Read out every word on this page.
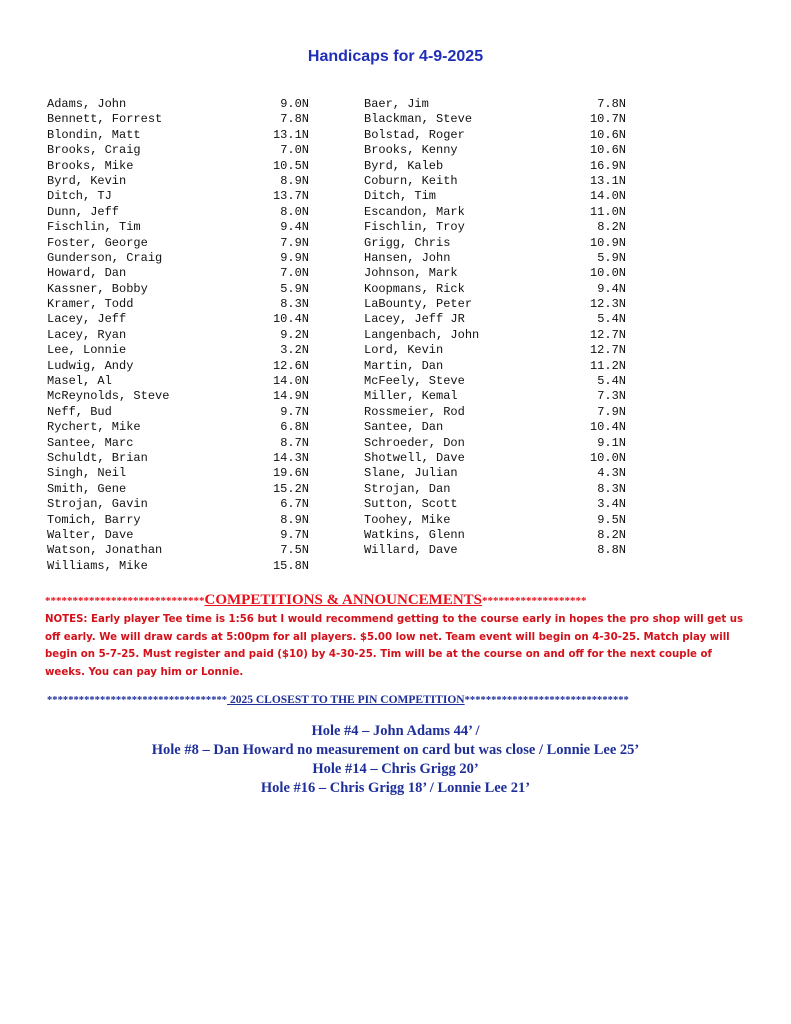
Handicaps for 4-9-2025
Adams, John	9.0N
Bennett, Forrest	7.8N
Blondin, Matt	13.1N
Brooks, Craig	7.0N
Brooks, Mike	10.5N
Byrd, Kevin	8.9N
Ditch, TJ	13.7N
Dunn, Jeff	8.0N
Fischlin, Tim	9.4N
Foster, George	7.9N
Gunderson, Craig	9.9N
Howard, Dan	7.0N
Kassner, Bobby	5.9N
Kramer, Todd	8.3N
Lacey, Jeff	10.4N
Lacey, Ryan	9.2N
Lee, Lonnie	3.2N
Ludwig, Andy	12.6N
Masel, Al	14.0N
McReynolds, Steve	14.9N
Neff, Bud	9.7N
Rychert, Mike	6.8N
Santee, Marc	8.7N
Schuldt, Brian	14.3N
Singh, Neil	19.6N
Smith, Gene	15.2N
Strojan, Gavin	6.7N
Tomich, Barry	8.9N
Walter, Dave	9.7N
Watson, Jonathan	7.5N
Williams, Mike	15.8N
Baer, Jim	7.8N
Blackman, Steve	10.7N
Bolstad, Roger	10.6N
Brooks, Kenny	10.6N
Byrd, Kaleb	16.9N
Coburn, Keith	13.1N
Ditch, Tim	14.0N
Escandon, Mark	11.0N
Fischlin, Troy	8.2N
Grigg, Chris	10.9N
Hansen, John	5.9N
Johnson, Mark	10.0N
Koopmans, Rick	9.4N
LaBounty, Peter	12.3N
Lacey, Jeff JR	5.4N
Langenbach, John	12.7N
Lord, Kevin	12.7N
Martin, Dan	11.2N
McFeely, Steve	5.4N
Miller, Kemal	7.3N
Rossmeier, Rod	7.9N
Santee, Dan	10.4N
Schroeder, Don	9.1N
Shotwell, Dave	10.0N
Slane, Julian	4.3N
Strojan, Dan	8.3N
Sutton, Scott	3.4N
Toohey, Mike	9.5N
Watkins, Glenn	8.2N
Willard, Dave	8.8N
*****************************COMPETITIONS & ANNOUNCEMENTS*******************
NOTES: Early player Tee time is 1:56 but I would recommend getting to the course early in hopes the pro shop will get us off early. We will draw cards at 5:00pm for all players. $5.00 low net. Team event will begin on 4-30-25. Match play will begin on 5-7-25. Must register and paid ($10) by 4-30-25. Tim will be at the course on and off for the next couple of weeks. You can pay him or Lonnie.
********************************** 2025 CLOSEST TO THE PIN COMPETITION*******************************
Hole #4 – John Adams 44’ /
Hole #8 – Dan Howard no measurement on card but was close / Lonnie Lee 25’
Hole #14 – Chris Grigg 20’
Hole #16 – Chris Grigg 18’ / Lonnie Lee 21’
